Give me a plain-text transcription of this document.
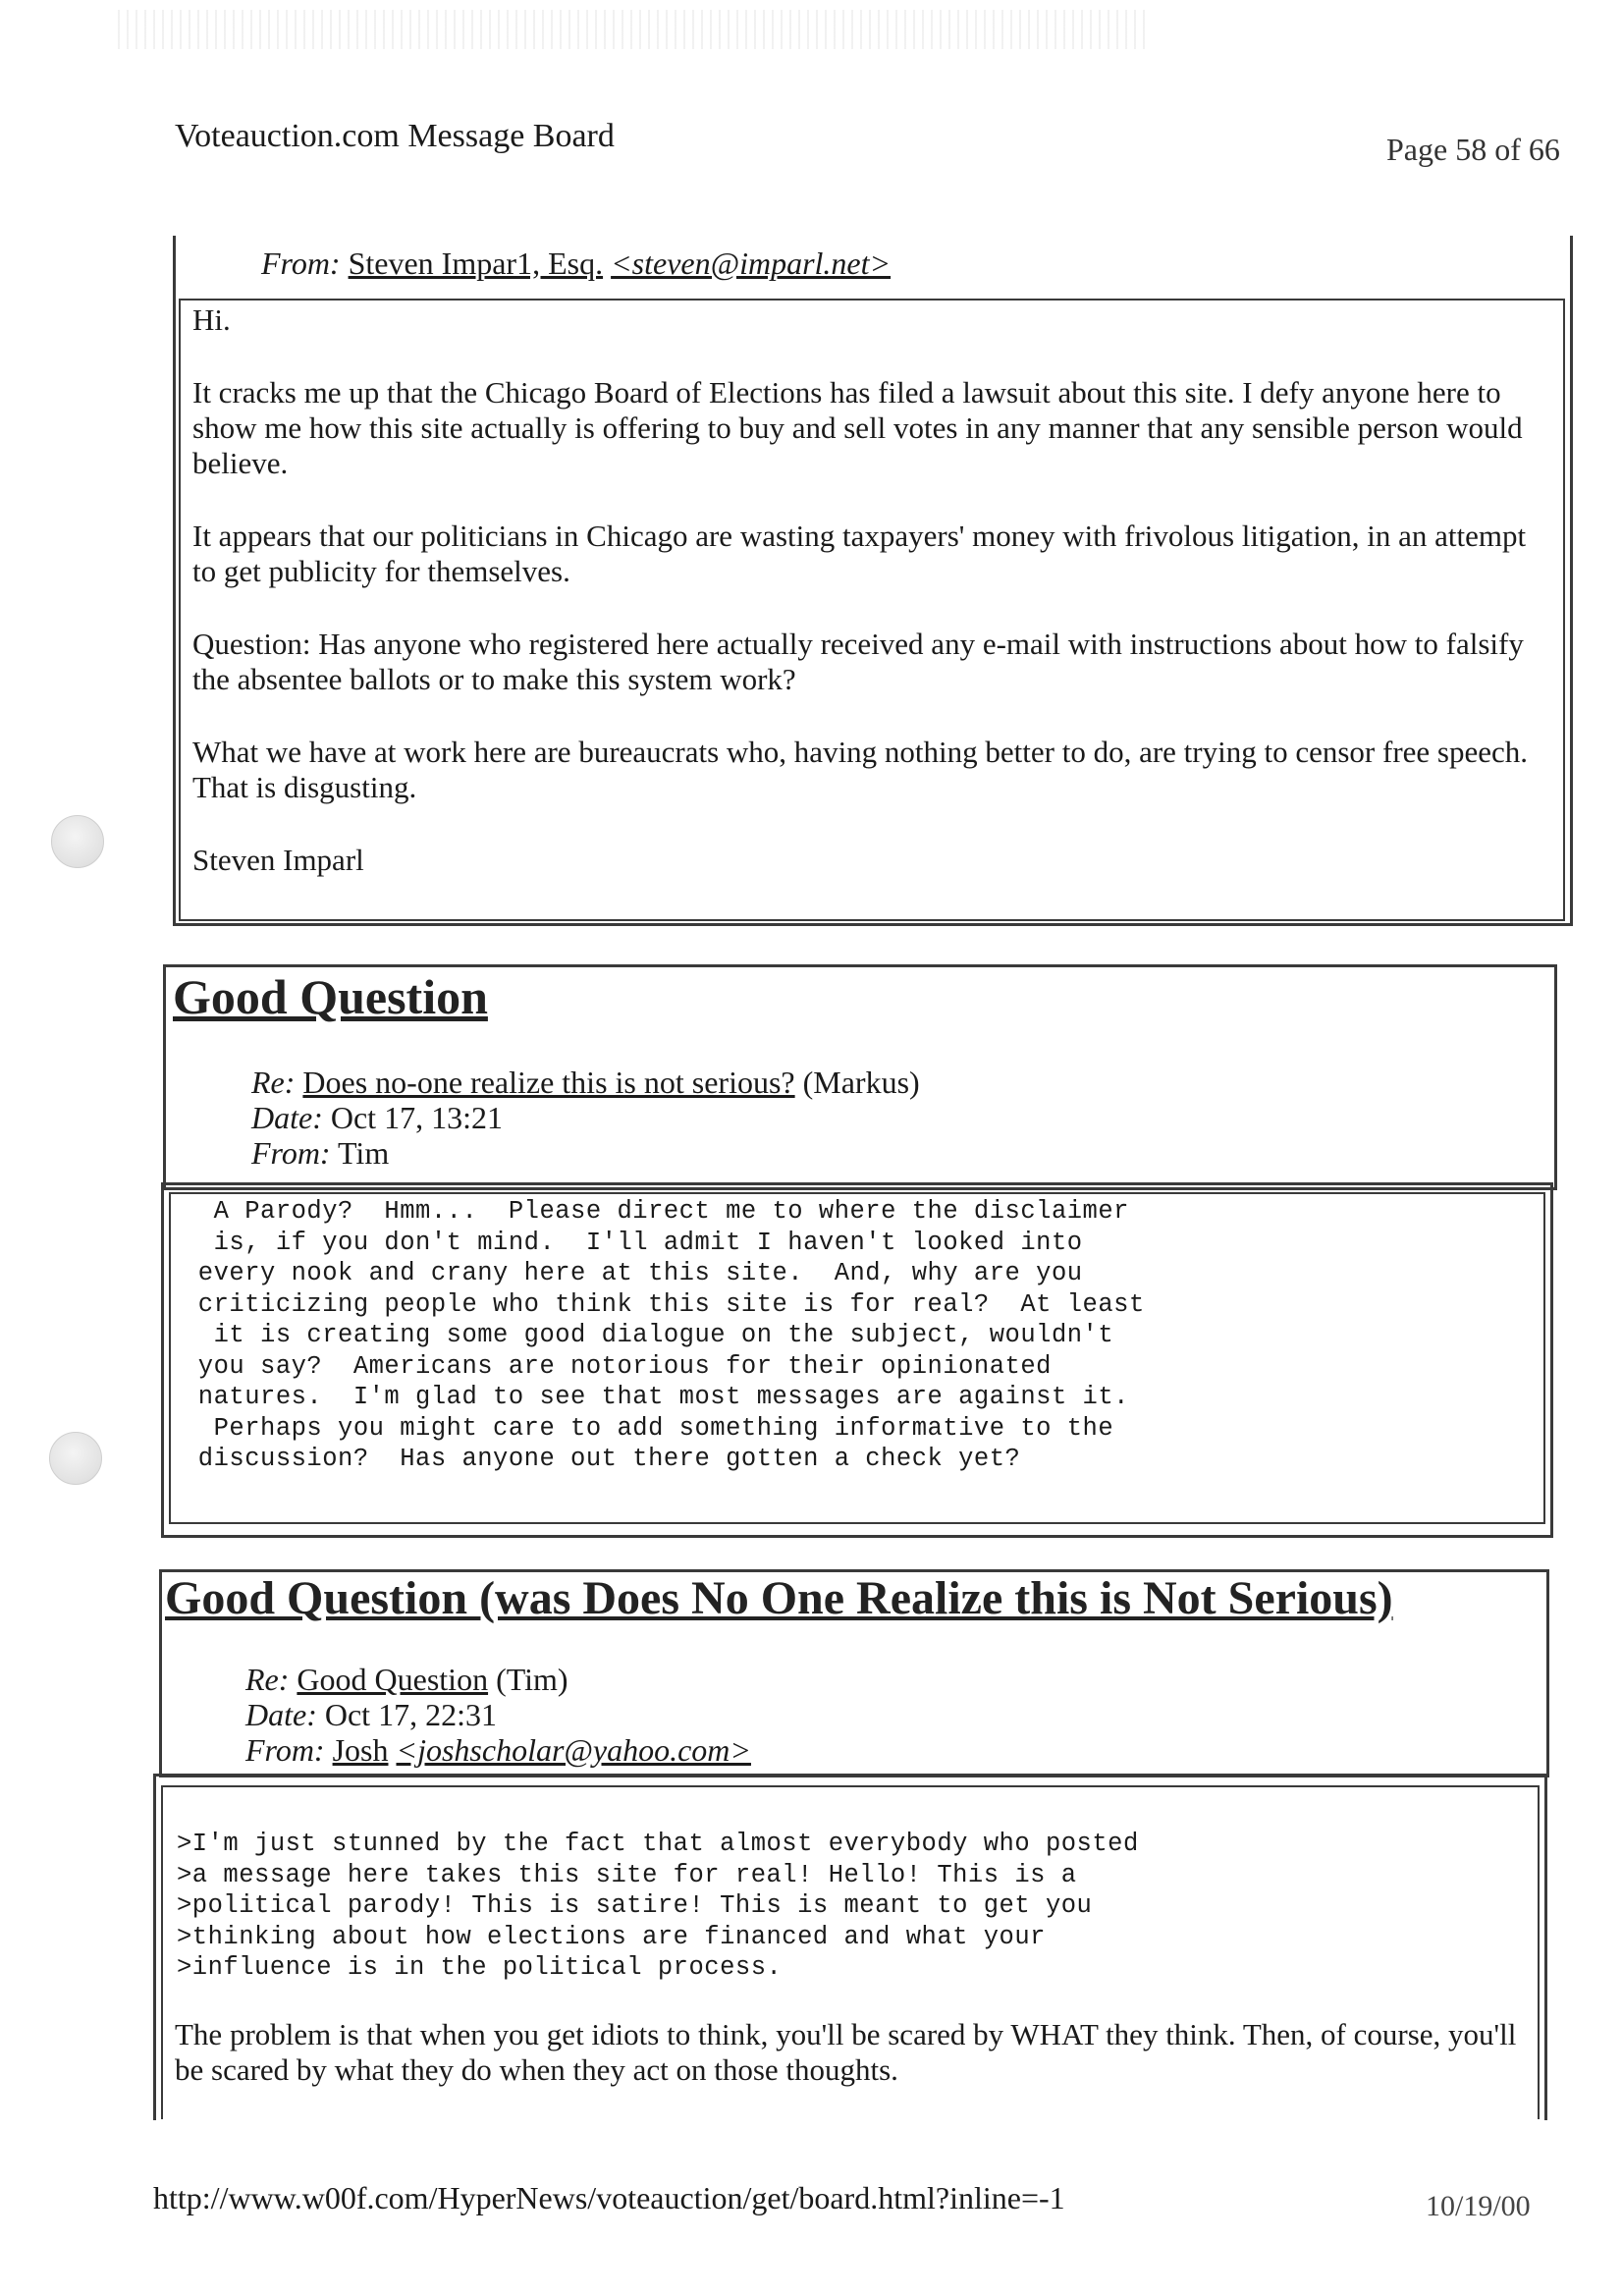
Voteauction.com Message Board	Page 58 of 66
From: Steven Impar1, Esq. <steven@imparl.net>

Hi.

It cracks me up that the Chicago Board of Elections has filed a lawsuit about this site. I defy anyone here to show me how this site actually is offering to buy and sell votes in any manner that any sensible person would believe.

It appears that our politicians in Chicago are wasting taxpayers' money with frivolous litigation, in an attempt to get publicity for themselves.

Question: Has anyone who registered here actually received any e-mail with instructions about how to falsify the absentee ballots or to make this system work?

What we have at work here are bureaucrats who, having nothing better to do, are trying to censor free speech. That is disgusting.

Steven Imparl

Good Question
Re: Does no-one realize this is not serious? (Markus)
Date: Oct 17, 13:21
From: Tim
A Parody?  Hmm...  Please direct me to where the disclaimer
is, if you don't mind.  I'll admit I haven't looked into
every nook and crany here at this site.  And, why are you
criticizing people who think this site is for real?  At least
it is creating some good dialogue on the subject, wouldn't
you say?  Americans are notorious for their opinionated
natures.  I'm glad to see that most messages are against it.
Perhaps you might care to add something informative to the
discussion?  Has anyone out there gotten a check yet?
Good Question (was Does No One Realize this is Not Serious)
Re: Good Question (Tim)
Date: Oct 17, 22:31
From: Josh <joshscholar@yahoo.com>
>I'm just stunned by the fact that almost everybody who posted
>a message here takes this site for real! Hello! This is a
>political parody! This is satire! This is meant to get you
>thinking about how elections are financed and what your
>influence is in the political process.
The problem is that when you get idiots to think, you'll be scared by WHAT they think. Then, of course, you'll be scared by what they do when they act on those thoughts.
http://www.w00f.com/HyperNews/voteauction/get/board.html?inline=-1	10/19/00
